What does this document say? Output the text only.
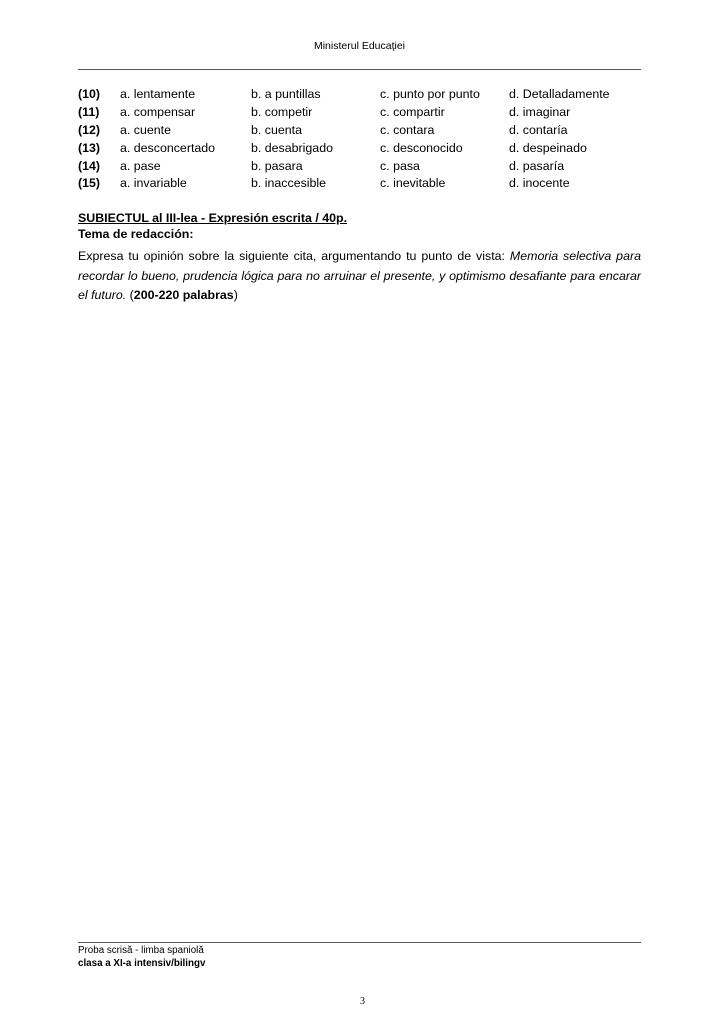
Ministerul Educaţiei
(10) a. lentamente	b. a puntillas	c. punto por punto d. Detalladamente
(11) a. compensar	b. competir	c. compartir	d. imaginar
(12) a. cuente	b. cuenta	c. contara	d. contaría
(13) a. desconcertado	b. desabrigado	c. desconocido	d. despeinado
(14) a. pase	b. pasara	c. pasa	d. pasaría
(15) a. invariable	b. inaccesible	c. inevitable	d. inocente
SUBIECTUL al III-lea - Expresión escrita / 40p.
Tema de redacción:
Expresa tu opinión sobre la siguiente cita, argumentando tu punto de vista: Memoria selectiva para recordar lo bueno, prudencia lógica para no arruinar el presente, y optimismo desafiante para encarar el futuro. (200-220 palabras)
Proba scrisă - limba spaniolă
clasa a XI-a intensiv/bilingv
3
